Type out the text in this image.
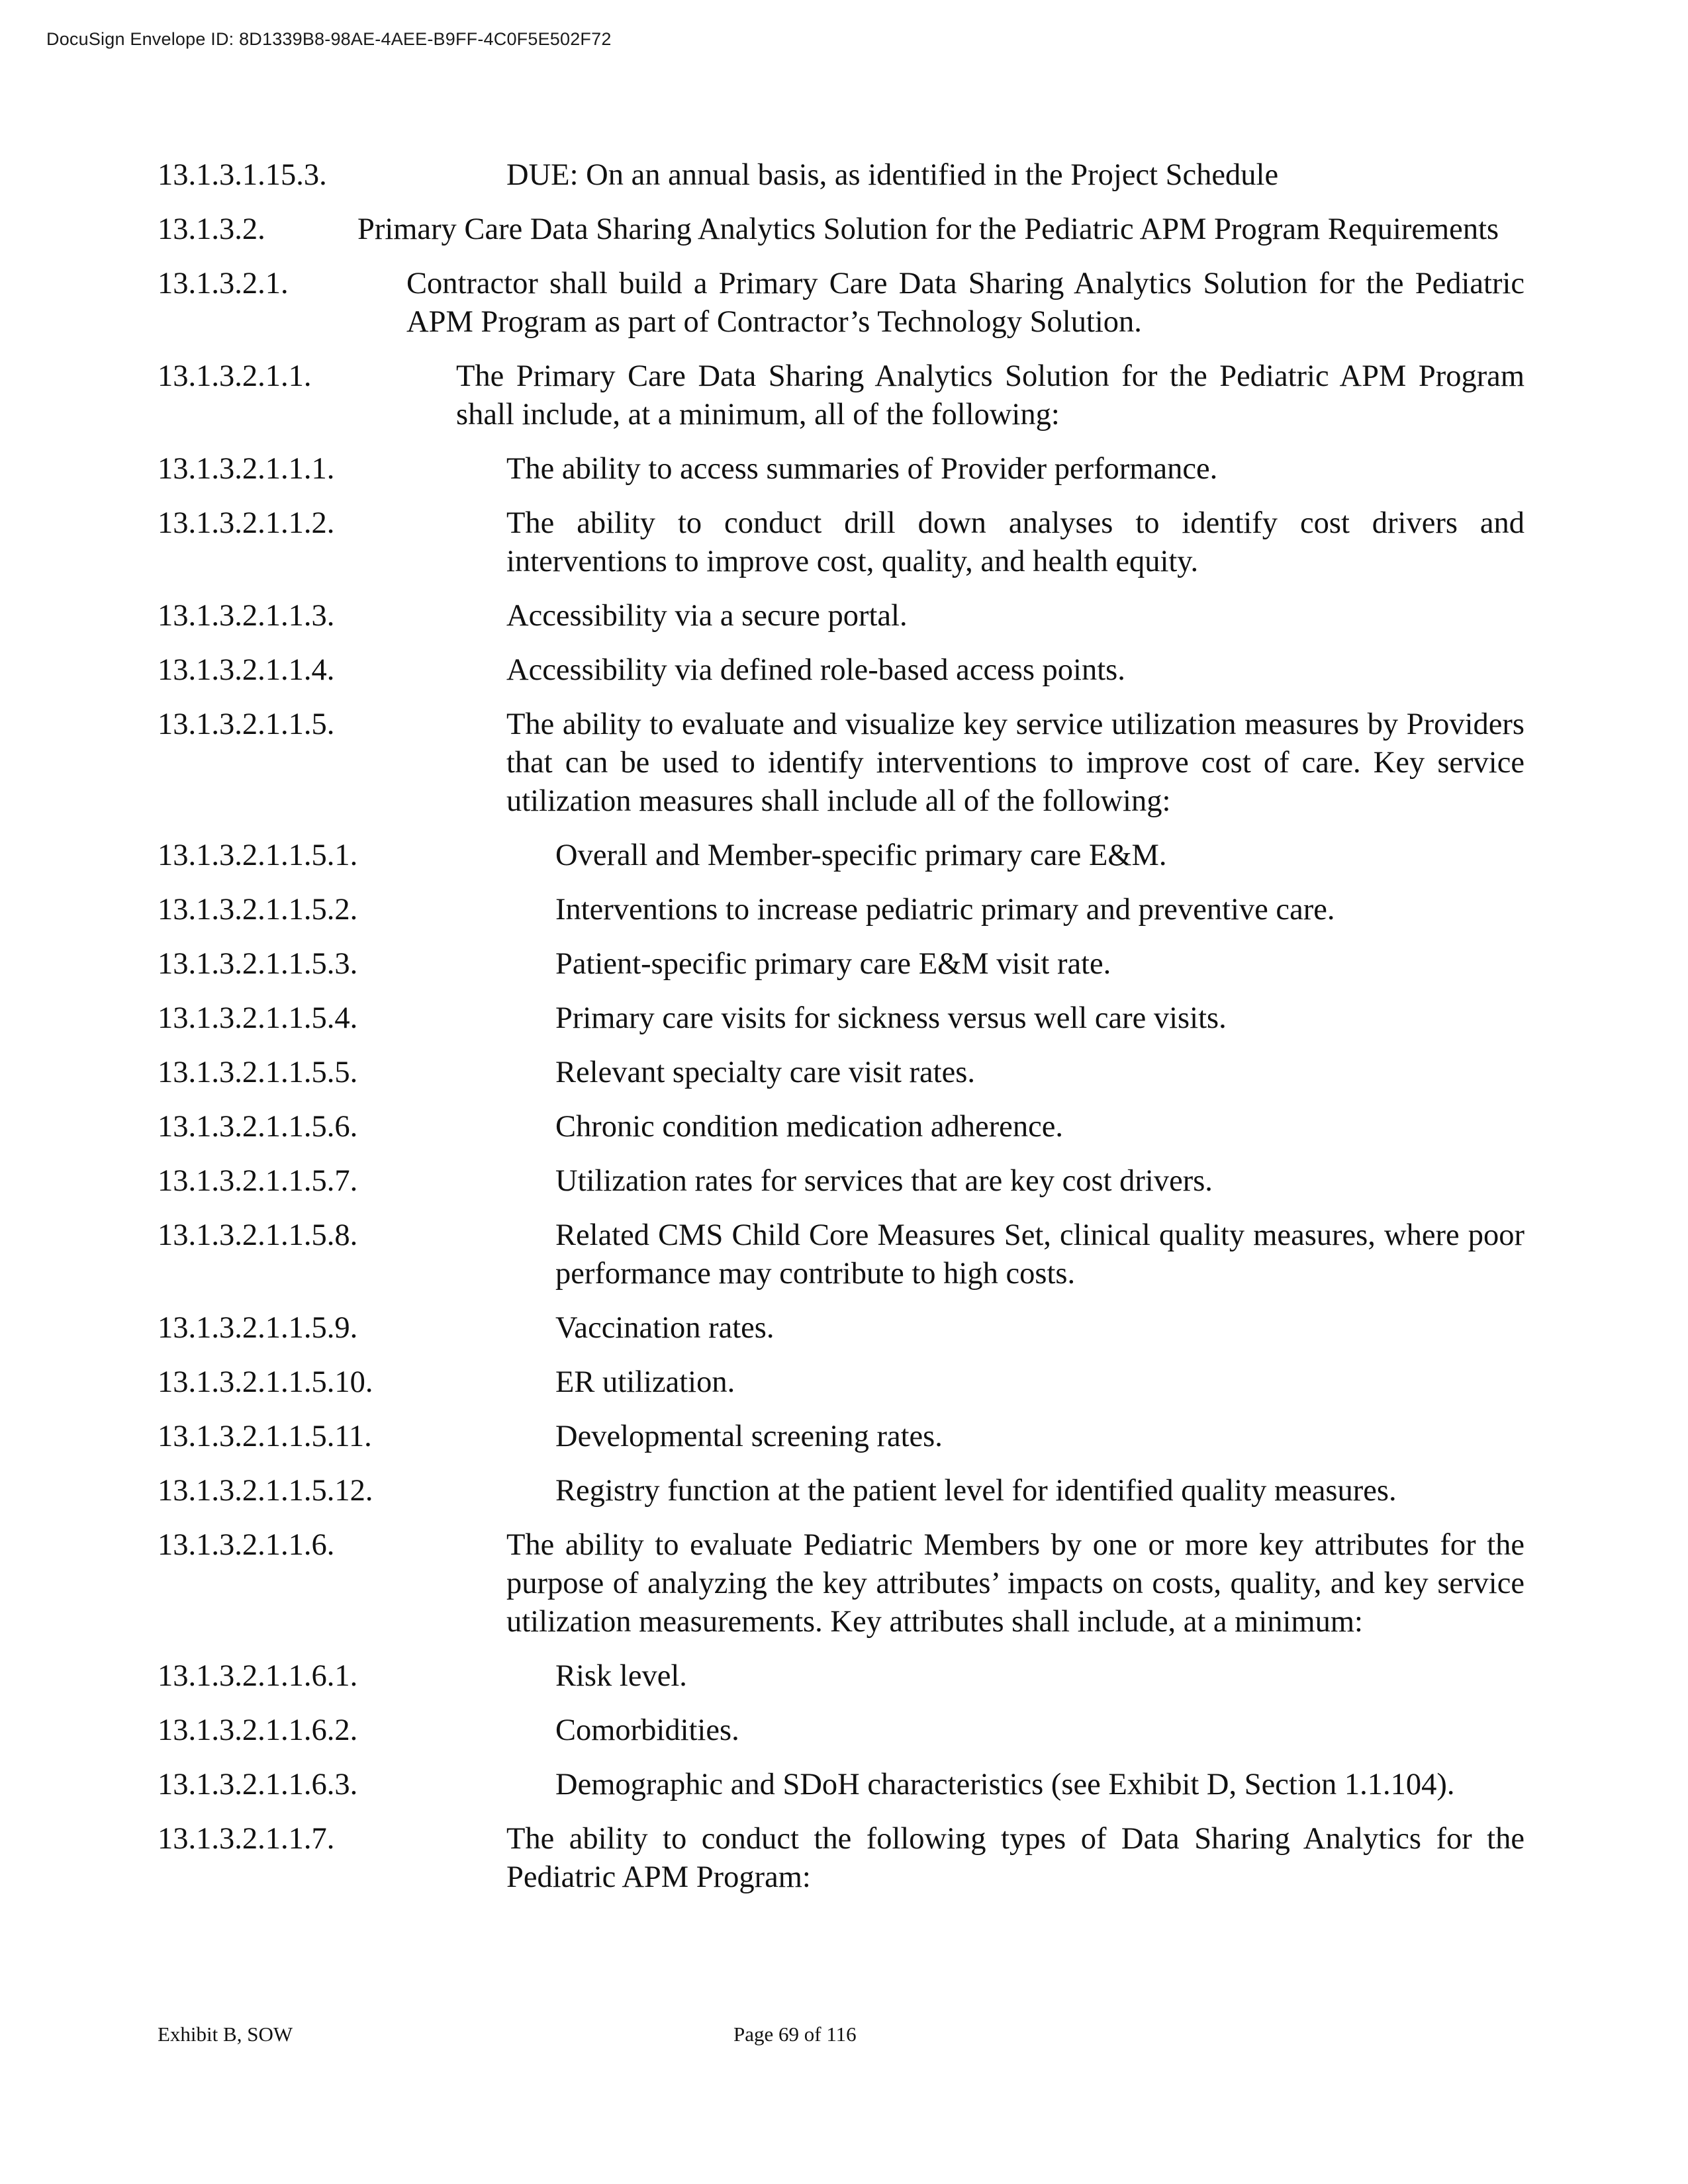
DocuSign Envelope ID: 8D1339B8-98AE-4AEE-B9FF-4C0F5E502F72
13.1.3.1.15.3.	DUE: On an annual basis, as identified in the Project Schedule
13.1.3.2.	Primary Care Data Sharing Analytics Solution for the Pediatric APM Program Requirements
13.1.3.2.1.	Contractor shall build a Primary Care Data Sharing Analytics Solution for the Pediatric APM Program as part of Contractor’s Technology Solution.
13.1.3.2.1.1.	The Primary Care Data Sharing Analytics Solution for the Pediatric APM Program shall include, at a minimum, all of the following:
13.1.3.2.1.1.1.	The ability to access summaries of Provider performance.
13.1.3.2.1.1.2.	The ability to conduct drill down analyses to identify cost drivers and interventions to improve cost, quality, and health equity.
13.1.3.2.1.1.3.	Accessibility via a secure portal.
13.1.3.2.1.1.4.	Accessibility via defined role-based access points.
13.1.3.2.1.1.5.	The ability to evaluate and visualize key service utilization measures by Providers that can be used to identify interventions to improve cost of care. Key service utilization measures shall include all of the following:
13.1.3.2.1.1.5.1.	Overall and Member-specific primary care E&M.
13.1.3.2.1.1.5.2.	Interventions to increase pediatric primary and preventive care.
13.1.3.2.1.1.5.3.	Patient-specific primary care E&M visit rate.
13.1.3.2.1.1.5.4.	Primary care visits for sickness versus well care visits.
13.1.3.2.1.1.5.5.	Relevant specialty care visit rates.
13.1.3.2.1.1.5.6.	Chronic condition medication adherence.
13.1.3.2.1.1.5.7.	Utilization rates for services that are key cost drivers.
13.1.3.2.1.1.5.8.	Related CMS Child Core Measures Set, clinical quality measures, where poor performance may contribute to high costs.
13.1.3.2.1.1.5.9.	Vaccination rates.
13.1.3.2.1.1.5.10.	ER utilization.
13.1.3.2.1.1.5.11.	Developmental screening rates.
13.1.3.2.1.1.5.12.	Registry function at the patient level for identified quality measures.
13.1.3.2.1.1.6.	The ability to evaluate Pediatric Members by one or more key attributes for the purpose of analyzing the key attributes’ impacts on costs, quality, and key service utilization measurements. Key attributes shall include, at a minimum:
13.1.3.2.1.1.6.1.	Risk level.
13.1.3.2.1.1.6.2.	Comorbidities.
13.1.3.2.1.1.6.3.	Demographic and SDoH characteristics (see Exhibit D, Section 1.1.104).
13.1.3.2.1.1.7.	The ability to conduct the following types of Data Sharing Analytics for the Pediatric APM Program:
Exhibit B, SOW	Page 69 of 116
